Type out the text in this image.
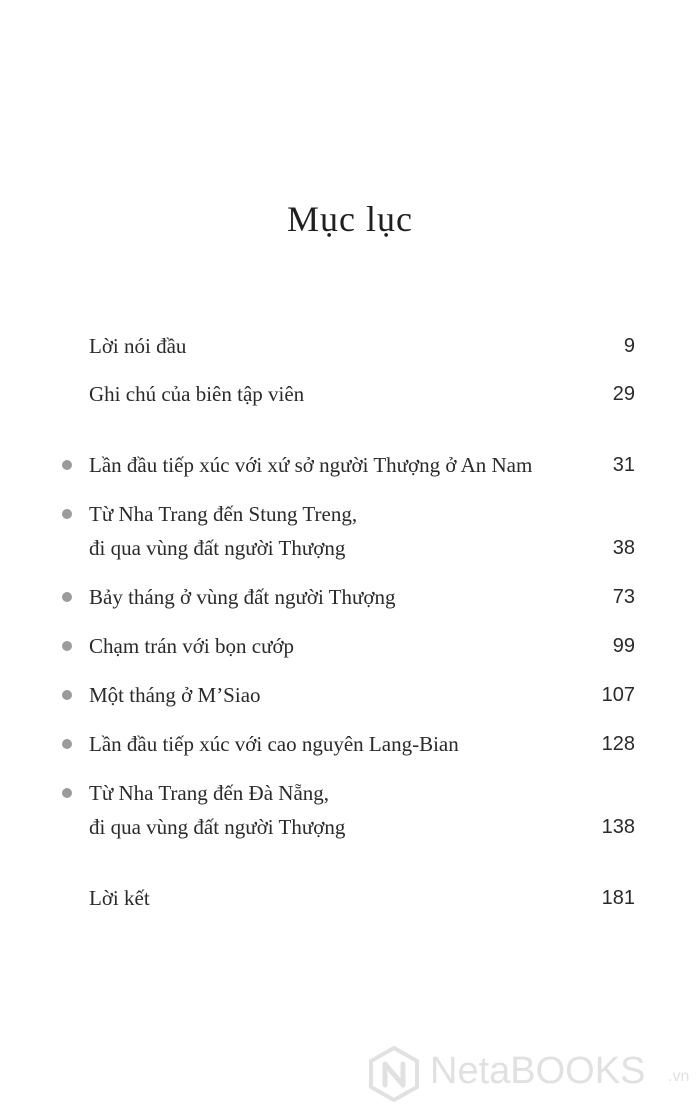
Mục lục
Lời nói đầu	9
Ghi chú của biên tập viên	29
Lần đầu tiếp xúc với xứ sở người Thượng ở An Nam	31
Từ Nha Trang đến Stung Treng,
đi qua vùng đất người Thượng	38
Bảy tháng ở vùng đất người Thượng	73
Chạm trán với bọn cướp	99
Một tháng ở M’Siao	107
Lần đầu tiếp xúc với cao nguyên Lang-Bian	128
Từ Nha Trang đến Đà Nẵng,
đi qua vùng đất người Thượng	138
Lời kết	181
NetaBOOKS .vn
